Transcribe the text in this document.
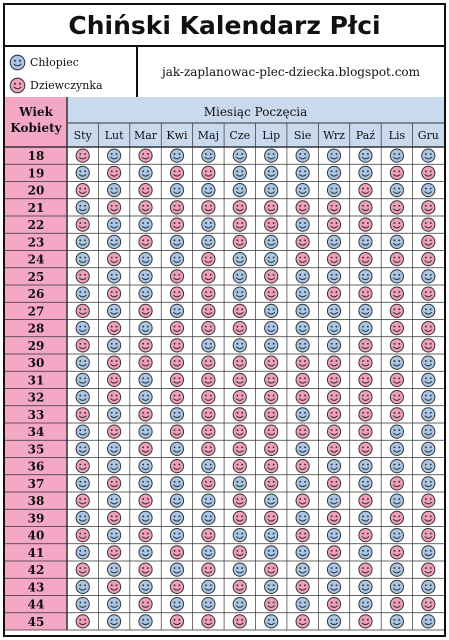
Chiński Kalendarz Płci
Chłopiec
Dziewczynka
jak-zaplanowac-plec-dziecka.blogspot.com
Wiek
Kobiety
Miesiąc Poczęcia
Sty Lut Mar Kwi Maj Cze Lip Sie Wrz Paź Lis Gru
18
19
20
21
22
23
24
25
26
27
28
29
30
31
32
33
34
35
36
37
38
39
40
41
42
43
44
45
